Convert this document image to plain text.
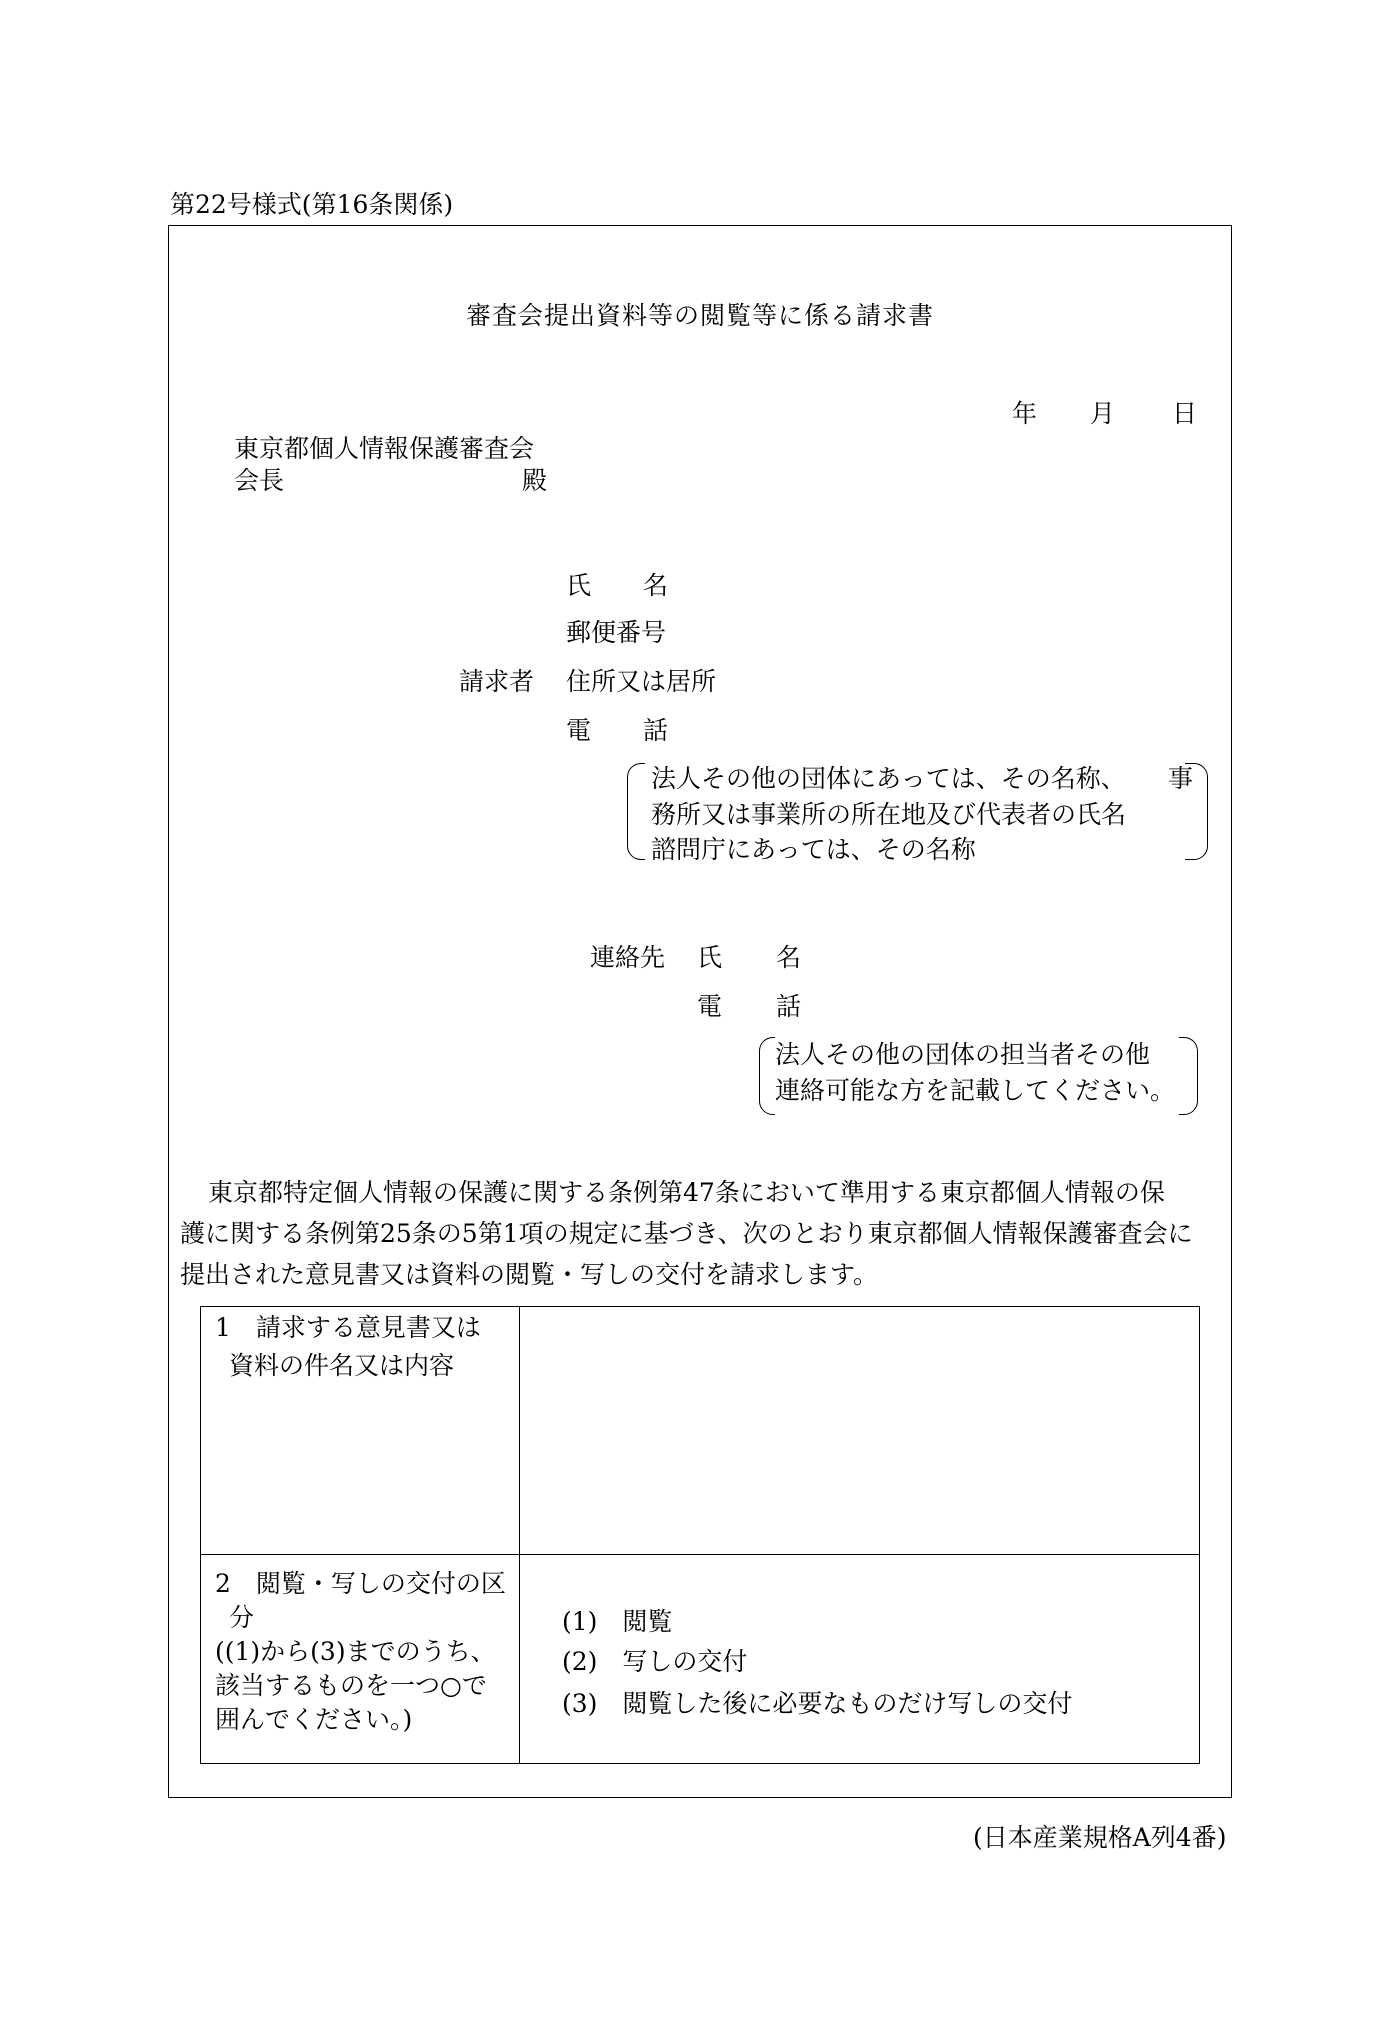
第22号様式(第16条関係)
審査会提出資料等の閲覧等に係る請求書
年 月 日
東京都個人情報保護審査会
会長	殿
請求者
氏 名
郵便番号
住所又は居所
電 話
法人その他の団体にあっては、その名称、 事
務所又は事業所の所在地及び代表者の氏名
諮問庁にあっては、その名称
連絡先 氏 名
電 話
法人その他の団体の担当者その他
連絡可能な方を記載してください。
東京都特定個人情報の保護に関する条例第47条において準用する東京都個人情報の保
護に関する条例第25条の5第1項の規定に基づき、次のとおり東京都個人情報保護審査会に
提出された意見書又は資料の閲覧・写しの交付を請求します。
1　請求する意見書又は
資料の件名又は内容	

2　閲覧・写しの交付の区
分
((1)から(3)までのうち、
該当するものを一つ○で
囲んでください。)	

(1)　閲覧
(2)　写しの交付
(3)　閲覧した後に必要なものだけ写しの交付
(日本産業規格A列4番)
